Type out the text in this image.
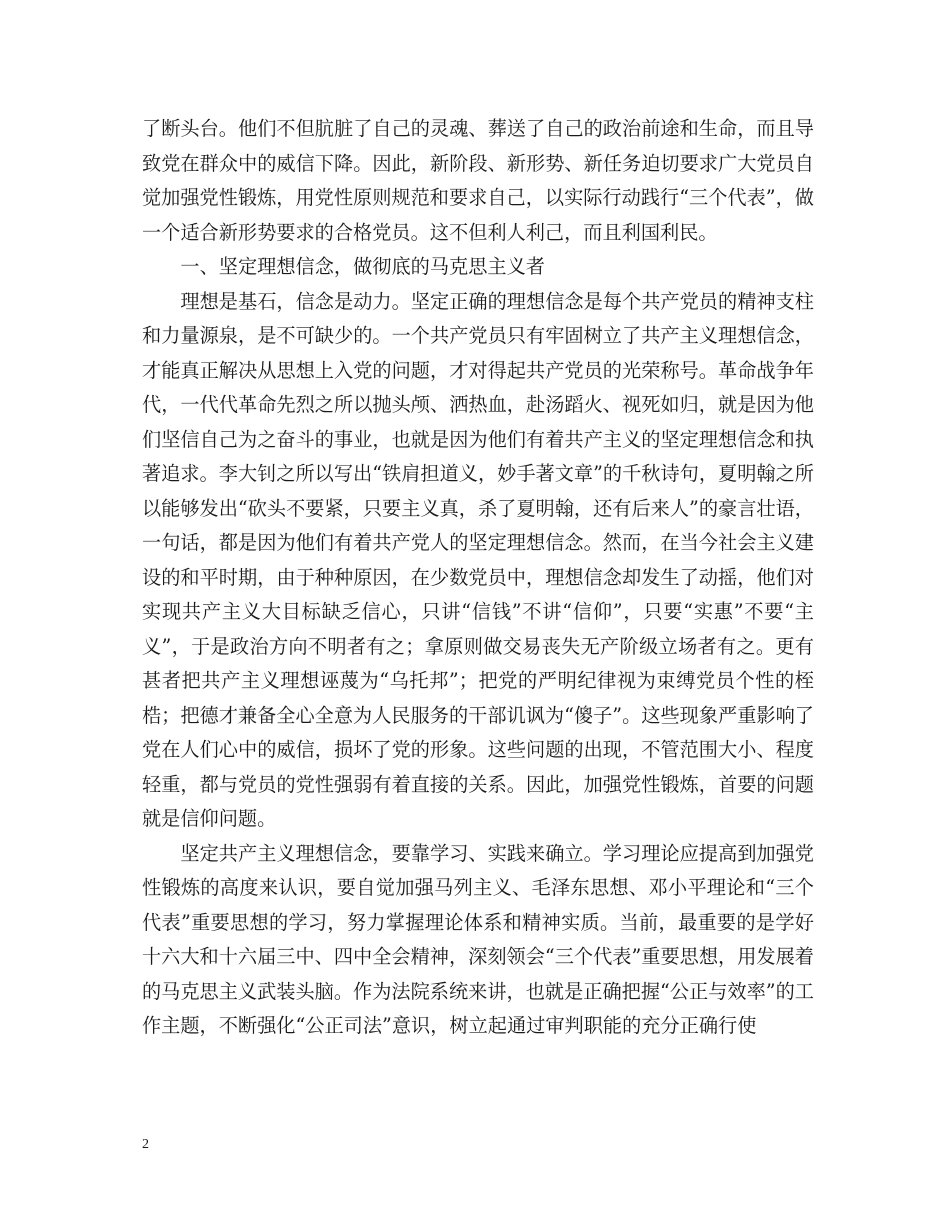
了断头台。他们不但肮脏了自己的灵魂、葬送了自己的政治前途和生命，而且导致党在群众中的威信下降。因此，新阶段、新形势、新任务迫切要求广大党员自觉加强党性锻炼，用党性原则规范和要求自己，以实际行动践行“三个代表”，做一个适合新形势要求的合格党员。这不但利人利己，而且利国利民。

一、坚定理想信念，做彻底的马克思主义者

理想是基石，信念是动力。坚定正确的理想信念是每个共产党员的精神支柱和力量源泉，是不可缺少的。一个共产党员只有牢固树立了共产主义理想信念，才能真正解决从思想上入党的问题，才对得起共产党员的光荣称号。革命战争年代，一代代革命先烈之所以抛头颅、洒热血，赴汤蹈火、视死如归，就是因为他们坚信自己为之奋斗的事业，也就是因为他们有着共产主义的坚定理想信念和执著追求。李大钊之所以写出“铁肩担道义，妙手著文章”的千秋诗句，夏明翰之所以能够发出“砍头不要紧，只要主义真，杀了夏明翰，还有后来人”的豪言壮语，一句话，都是因为他们有着共产党人的坚定理想信念。然而，在当今社会主义建设的和平时期，由于种种原因，在少数党员中，理想信念却发生了动摇，他们对实现共产主义大目标缺乏信心，只讲“信钱”不讲“信仰”，只要“实惠”不要“主义”，于是政治方向不明者有之；拿原则做交易丧失无产阶级立场者有之。更有甚者把共产主义理想诬蔑为“乌托邦”；把党的严明纪律视为束缚党员个性的桎梏；把德才兼备全心全意为人民服务的干部讥讽为“傻子”。这些现象严重影响了党在人们心中的威信，损坏了党的形象。这些问题的出现，不管范围大小、程度轻重，都与党员的党性强弱有着直接的关系。因此，加强党性锻炼，首要的问题就是信仰问题。

坚定共产主义理想信念，要靠学习、实践来确立。学习理论应提高到加强党性锻炼的高度来认识，要自觉加强马列主义、毛泽东思想、邓小平理论和“三个代表”重要思想的学习，努力掌握理论体系和精神实质。当前，最重要的是学好十六大和十六届三中、四中全会精神，深刻领会“三个代表”重要思想，用发展着的马克思主义武装头脑。作为法院系统来讲，也就是正确把握“公正与效率”的工作主题，不断强化“公正司法”意识，树立起通过审判职能的充分正确行使

2
